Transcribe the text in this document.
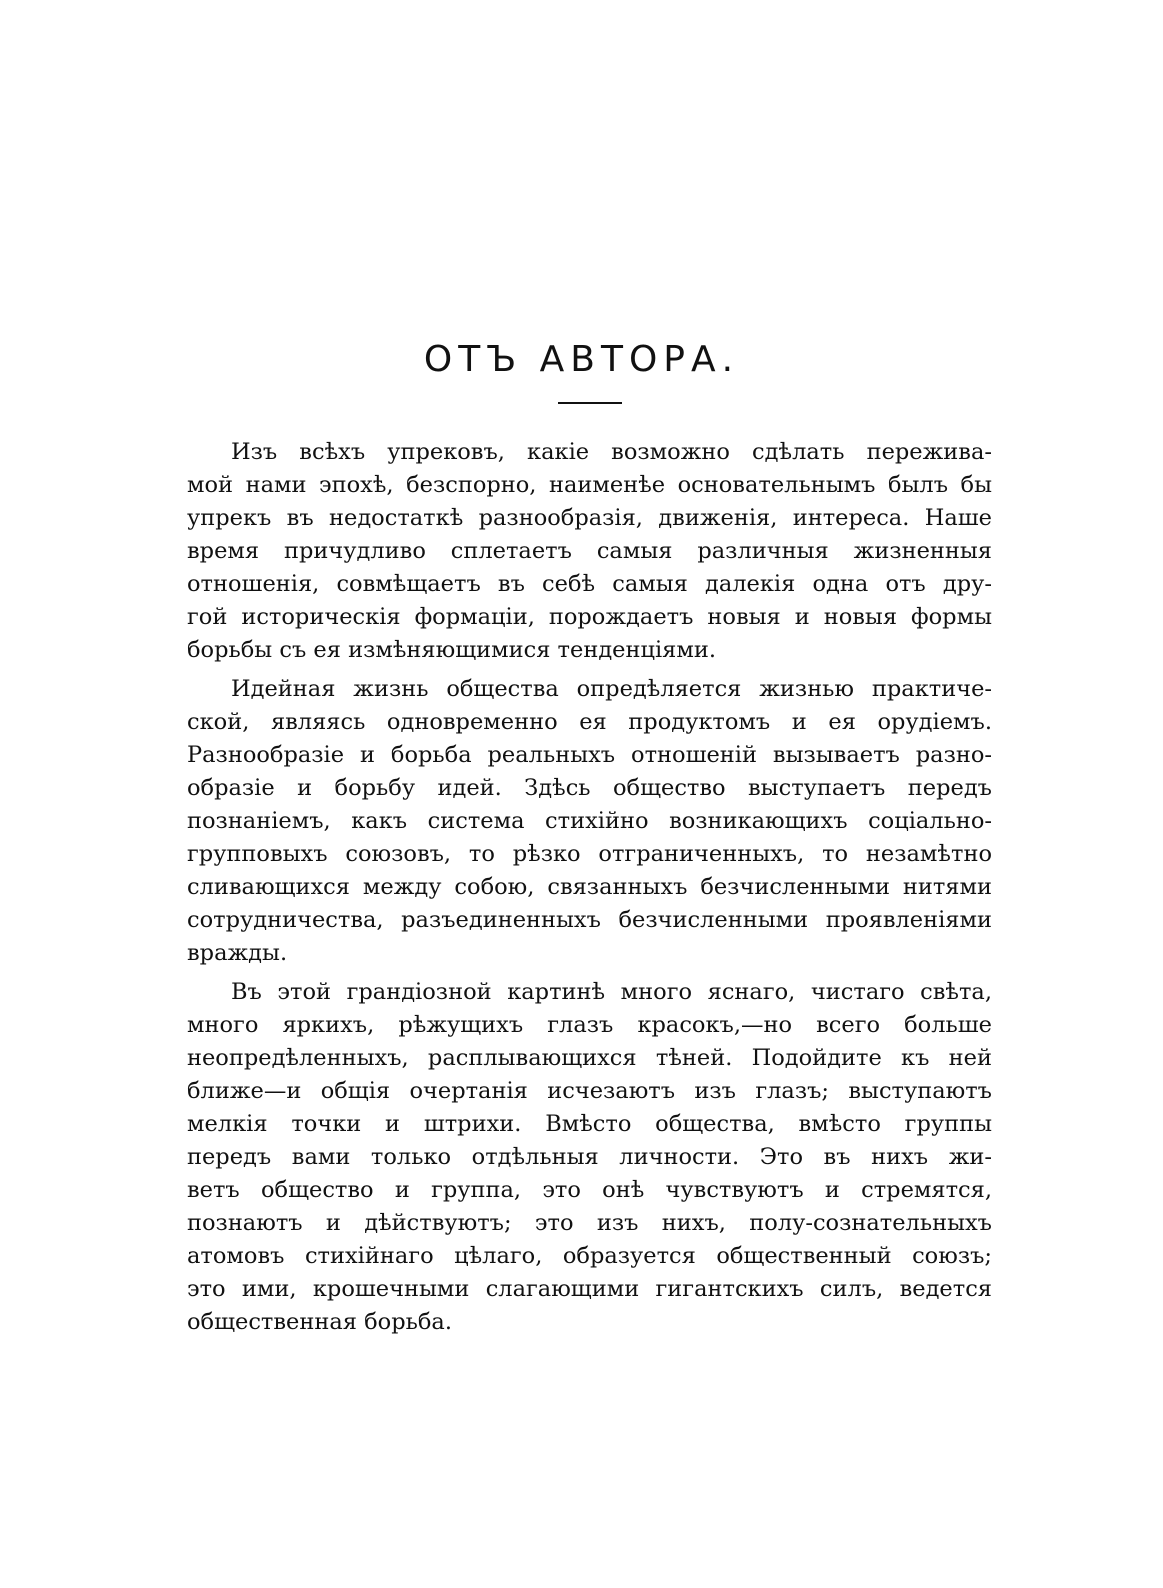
ОТЪ АВТОРА.

Изъ всѣхъ упрековъ, какіе возможно сдѣлать пережива-
мой нами эпохѣ, безспорно, наименѣе основательнымъ былъ бы
упрекъ въ недостаткѣ разнообразія, движенія, интереса. Наше
время причудливо сплетаетъ самыя различныя жизненныя
отношенія, совмѣщаетъ въ себѣ самыя далекія одна отъ дру-
гой историческія формаціи, порождаетъ новыя и новыя формы
борьбы съ ея измѣняющимися тенденціями.

Идейная жизнь общества опредѣляется жизнью практиче-
ской, являясь одновременно ея продуктомъ и ея орудіемъ.
Разнообразіе и борьба реальныхъ отношеній вызываетъ разно-
образіе и борьбу идей. Здѣсь общество выступаетъ передъ
познаніемъ, какъ система стихійно возникающихъ соціально-
групповыхъ союзовъ, то рѣзко отграниченныхъ, то незамѣтно
сливающихся между собою, связанныхъ безчисленными нитями
сотрудничества, разъединенныхъ безчисленными проявленіями
вражды.

Въ этой грандіозной картинѣ много яснаго, чистаго свѣта,
много яркихъ, рѣжущихъ глазъ красокъ,—но всего больше
неопредѣленныхъ, расплывающихся тѣней. Подойдите къ ней
ближе—и общія очертанія исчезаютъ изъ глазъ; выступаютъ
мелкія точки и штрихи. Вмѣсто общества, вмѣсто группы
передъ вами только отдѣльныя личности. Это въ нихъ жи-
ветъ общество и группа, это онѣ чувствуютъ и стремятся,
познаютъ и дѣйствуютъ; это изъ нихъ, полу-сознательныхъ
атомовъ стихійнаго цѣлаго, образуется общественный союзъ;
это ими, крошечными слагающими гигантскихъ силъ, ведется
общественная борьба.
